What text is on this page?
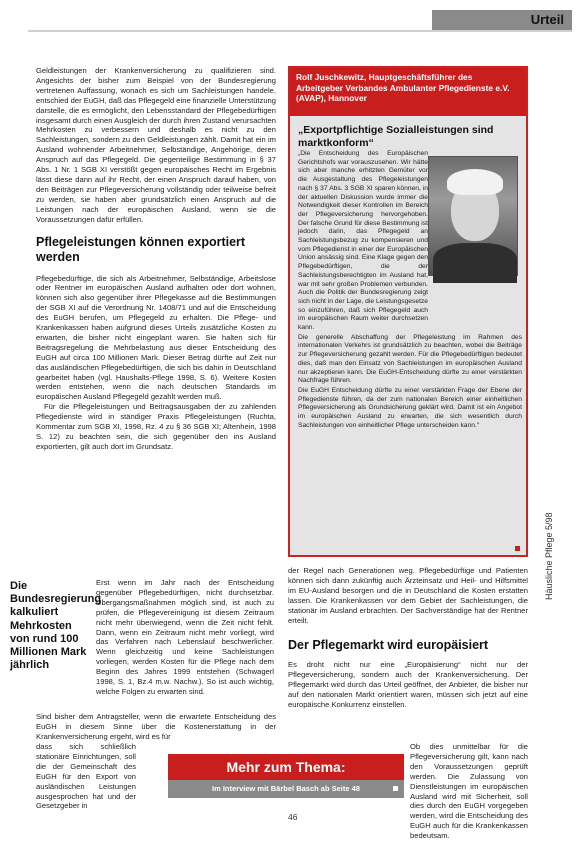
Urteil

Geldleistungen der Krankenversicherung zu qualifizieren sind. Angesichts der bisher zum Beispiel von der Bundesregierung vertretenen Auffassung, wonach es sich um Sachleistungen handele, entschied der EuGH, daß das Pflegegeld eine finanzielle Unterstützung darstelle, die es ermöglicht, den Lebensstandard der Pflegebedürftigen insgesamt durch einen Ausgleich der durch ihren Zustand verursachten Mehrkosten zu verbessern und deshalb es nicht zu den Sachleistungen, sondern zu den Geldleistungen zählt. Damit hat ein im Ausland wohnender Arbeitnehmer, Selbständige, Angehörige, deren Anspruch auf das Pflegegeld. Die gegenteilige Bestimmung in § 37 Abs. 1 Nr. 1 SGB XI verstößt gegen europäisches Recht im Ergebnis lässt diese dann auf ihr Recht, der einen Anspruch darauf haben, von den Beiträgen zur Pflegeversicherung vollständig oder teilweise befreit zu werden, sie haben aber grundsätzlich einen Anspruch auf die Leistungen nach der europäischen Ausland, wenn sie die Voraussetzungen dafür erfüllen.

Pflegeleistungen können exportiert werden

Pflegebedürftige, die sich als Arbeitnehmer, Selbständige, Arbeitslose oder Rentner im europäischen Ausland aufhalten oder dort wohnen, können sich also gegenüber ihrer Pflegekasse auf die Bestimmungen der SGB XI auf die Verordnung Nr. 1408/71 und auf die Entscheidung des EuGH berufen, um Pflegegeld zu erhalten. Die Pflege- und Krankenkassen haben aufgrund dieses Urteils zusätzliche Kosten zu erwarten, die bisher nicht eingeplant waren. Sie halten sich für Beitragsregelung die Mehrbelastung aus dieser Entscheidung des EuGH auf circa 100 Millionen Mark. Dieser Betrag dürfte auf Zeit nur das ausländischen Pflegebedürftigen, die sich bis dahin in Deutschland gearbeitet haben (vgl. Haushalts-Pflege 1998, S. 6). Weitere Kosten werden entstehen, wenn die nach deutschen Standards im europäischen Ausland Pflegegeld gezahlt werden muß.

Für die Pflegeleistungen und Beitragsausgaben der zu zahlenden Pflegedienste wird in ständiger Praxis Pflegeleistungen (Ruchta, Kommentar zum SGB XI, 1998, Rz. 4 zu § 36 SGB XI; Altenhein, 1998 S. 12) zu beachten sein, die sich gegenüber den ins Ausland exportierten, gilt auch dort im Grundsatz.

Die Bundesregierung kalkuliert Mehrkosten von rund 100 Millionen Mark jährlich
Erst wenn im Jahr nach der Entscheidung gegenüber Pflegebedürftigen, nicht durchsetzbar. Übergangsmaßnahmen möglich sind, ist auch zu prüfen, die Pflegevereinigung ist diesem Zeitraum nicht mehr überwiegend, wenn die Zeit nicht fehlt. Dann, wenn ein Zeitraum nicht mehr vorliegt, wird das Verfahren nach Lebenslauf beschwerlicher. Wenn gleichzeitig und keine Sachleistungen vorliegen, werden Kosten für die Pflege nach dem Beginn des Jahres 1999 entstehen (Schwagerl 1998, S. 1, Bz.4 m.w. Nachw.). So ist auch wichtig, welche Folgen zu erwarten sind.
Sind bisher dem Antragsteller, wenn die erwartete Entscheidung des EuGH in diesem Sinne über die Kostenerstattung in der Krankenversicherung ergeht, wird es für
dass sich schließlich stationäre Einrichtungen, soll die der Gemeinschaft des EuGH für den Export von ausländischen Leistungen ausgesprochen hat und der Gesetzgeber in
Rolf Juschkewitz, Hauptgeschäftsführer des Arbeitgeber Verbandes Ambulanter Pflegedienste e.V. (AVAP), Hannover
„Exportpflichtige Sozialleistungen sind marktkonform“

„Die Entscheidung des Europäischen Gerichtshofs war vorauszusehen. Wir hätte sich aber manche erhitzten Gemüter vor die Ausgestaltung des Pflegeleistungen nach § 37 Abs. 3 SGB XI sparen können, in der aktuellen Diskussion wurde immer die Notwendigkeit dieser Kontrollen im Bereich der Pflegeversicherung hervorgehoben. Der falsche Grund für diese Bestimmung ist jedoch darin, das Pflegegeld an Sachleistungsbezug zu kompensieren und vom Pflegedienst in einer der Europäischen Union ansässig sind. Eine Klage gegen den Pflegebedürftigen, die der Sachleistungsberechtigten im Ausland hat, war mit sehr großen Problemen verbunden. Auch die Politik der Bundesregierung zeigt sich nicht in der Lage, die Leistungsgesetze so einzuführen, daß sich Pflegegeld auch im europäischen Raum weiter durchsetzen kann.

Die generelle Abschaffung der Pflegeleistung im Rahmen des internationalen Verkehrs ist grundsätzlich zu beachten, wobei die Beiträge zur Pflegeversicherung gezahlt werden. Für die Pflegebedürftigen bedeutet dies, daß man den Einsatz von Sachleistungen im europäischen Ausland nur akzeptieren kann. Die EuGH-Entscheidung dürfte zu einer verstärkten Nachfrage führen.

Die EuGH Entscheidung dürfte zu einer verstärkten Frage der Ebene der Pflegedienste führen, da der zum nationalen Bereich einer einheitlichen Pflegeversicherung als Grundsicherung geklärt wird. Damit ist ein Angebot im europäischen Ausland zu erwarten, die sich wesentlich durch Sachleistungen von einheitlicher Pflege unterscheiden kann.“

der Regel nach Generationen weg. Pflegebedürftige und Patienten können sich dann zukünftig auch Ärzteinsatz und Heil- und Hilfsmittel im EU-Ausland besorgen und die in Deutschland die Kosten erstatten lassen. Die Krankenkassen vor dem Gebiet der Sachleistungen, die stationär im Ausland erbrachten. Der Sachverständige hat der Rentner erteilt.
Der Pflegemarkt wird europäisiert
Es droht nicht nur eine „Europäisierung“ nicht nur der Pflegeversicherung, sondern auch der Krankenversicherung. Der Pflegemarkt wird durch das Urteil geöffnet, der Anbieter, die bisher nur auf den nationalen Markt orientiert waren, müssen sich jetzt auf eine europäische Konkurrenz einstellen.
Ob dies unmittelbar für die Pflegeversicherung gilt, kann nach den Voraussetzungen geprüft werden. Die Zulassung von Dienstleistungen im europäischen Ausland wird mit Sicherheit, soll dies durch den EuGH vorgegeben werden, wird die Entscheidung des EuGH auch für die Krankenkassen bedeutsam.
Mehr zum Thema:
Im Interview mit Bärbel Basch ab Seite 48
Häusliche Pflege 5/98
46
